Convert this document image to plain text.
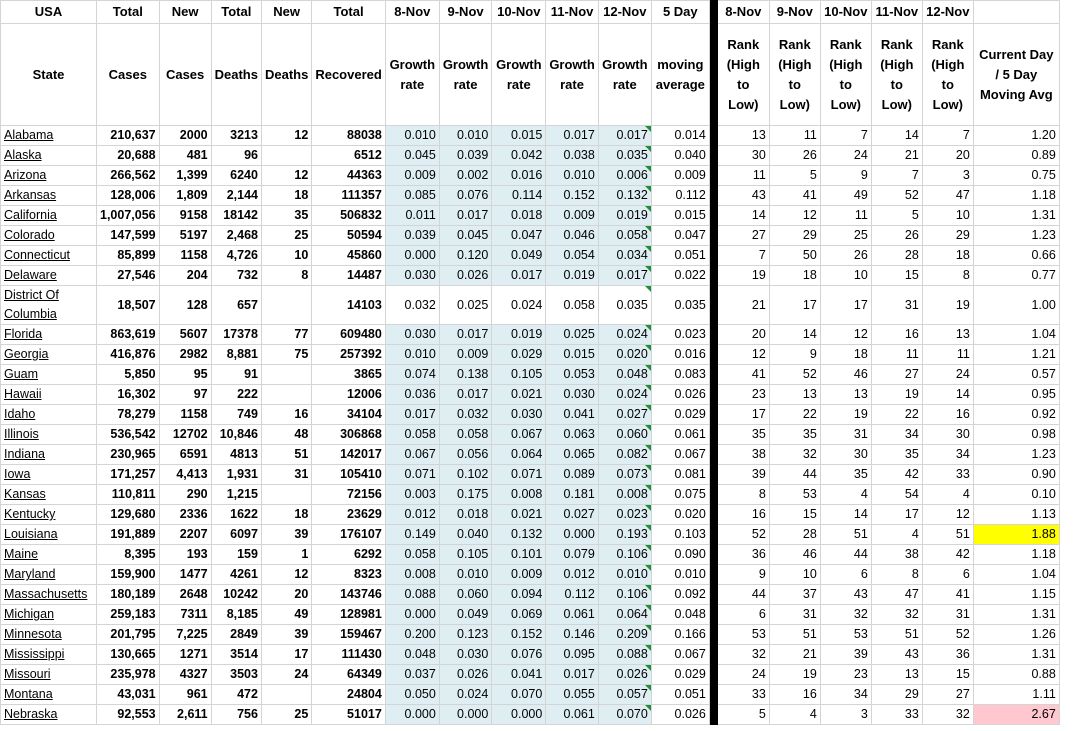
USA	Total	New	Total	New	Total	8-Nov	9-Nov	10-Nov	11-Nov	12-Nov	5 Day		8-Nov	9-Nov	10-Nov	11-Nov	12-Nov	
State	Cases	Cases	Deaths	Deaths	Recovered	Growth rate	Growth rate	Growth rate	Growth rate	Growth rate	moving average		Rank (High to Low)	Rank (High to Low)	Rank (High to Low)	Rank (High to Low)	Rank (High to Low)	Current Day / 5 Day Moving Avg
Alabama	210,637	2000	3213	12	88038	0.010	0.010	0.015	0.017	0.017	0.014		13	11	7	14	7	1.20
Alaska	20,688	481	96		6512	0.045	0.039	0.042	0.038	0.035	0.040		30	26	24	21	20	0.89
Arizona	266,562	1,399	6240	12	44363	0.009	0.002	0.016	0.010	0.006	0.009		11	5	9	7	3	0.75
Arkansas	128,006	1,809	2,144	18	111357	0.085	0.076	0.114	0.152	0.132	0.112		43	41	49	52	47	1.18
California	1,007,056	9158	18142	35	506832	0.011	0.017	0.018	0.009	0.019	0.015		14	12	11	5	10	1.31
Colorado	147,599	5197	2,468	25	50594	0.039	0.045	0.047	0.046	0.058	0.047		27	29	25	26	29	1.23
Connecticut	85,899	1158	4,726	10	45860	0.000	0.120	0.049	0.054	0.034	0.051		7	50	26	28	18	0.66
Delaware	27,546	204	732	8	14487	0.030	0.026	0.017	0.019	0.017	0.022		19	18	10	15	8	0.77
District Of Columbia	18,507	128	657		14103	0.032	0.025	0.024	0.058	0.035	0.035		21	17	17	31	19	1.00
Florida	863,619	5607	17378	77	609480	0.030	0.017	0.019	0.025	0.024	0.023		20	14	12	16	13	1.04
Georgia	416,876	2982	8,881	75	257392	0.010	0.009	0.029	0.015	0.020	0.016		12	9	18	11	11	1.21
Guam	5,850	95	91		3865	0.074	0.138	0.105	0.053	0.048	0.083		41	52	46	27	24	0.57
Hawaii	16,302	97	222		12006	0.036	0.017	0.021	0.030	0.024	0.026		23	13	13	19	14	0.95
Idaho	78,279	1158	749	16	34104	0.017	0.032	0.030	0.041	0.027	0.029		17	22	19	22	16	0.92
Illinois	536,542	12702	10,846	48	306868	0.058	0.058	0.067	0.063	0.060	0.061		35	35	31	34	30	0.98
Indiana	230,965	6591	4813	51	142017	0.067	0.056	0.064	0.065	0.082	0.067		38	32	30	35	34	1.23
Iowa	171,257	4,413	1,931	31	105410	0.071	0.102	0.071	0.089	0.073	0.081		39	44	35	42	33	0.90
Kansas	110,811	290	1,215		72156	0.003	0.175	0.008	0.181	0.008	0.075		8	53	4	54	4	0.10
Kentucky	129,680	2336	1622	18	23629	0.012	0.018	0.021	0.027	0.023	0.020		16	15	14	17	12	1.13
Louisiana	191,889	2207	6097	39	176107	0.149	0.040	0.132	0.000	0.193	0.103		52	28	51	4	51	1.88
Maine	8,395	193	159	1	6292	0.058	0.105	0.101	0.079	0.106	0.090		36	46	44	38	42	1.18
Maryland	159,900	1477	4261	12	8323	0.008	0.010	0.009	0.012	0.010	0.010		9	10	6	8	6	1.04
Massachusetts	180,189	2648	10242	20	143746	0.088	0.060	0.094	0.112	0.106	0.092		44	37	43	47	41	1.15
Michigan	259,183	7311	8,185	49	128981	0.000	0.049	0.069	0.061	0.064	0.048		6	31	32	32	31	1.31
Minnesota	201,795	7,225	2849	39	159467	0.200	0.123	0.152	0.146	0.209	0.166		53	51	53	51	52	1.26
Mississippi	130,665	1271	3514	17	111430	0.048	0.030	0.076	0.095	0.088	0.067		32	21	39	43	36	1.31
Missouri	235,978	4327	3503	24	64349	0.037	0.026	0.041	0.017	0.026	0.029		24	19	23	13	15	0.88
Montana	43,031	961	472		24804	0.050	0.024	0.070	0.055	0.057	0.051		33	16	34	29	27	1.11
Nebraska	92,553	2,611	756	25	51017	0.000	0.000	0.000	0.061	0.070	0.026		5	4	3	33	32	2.67
